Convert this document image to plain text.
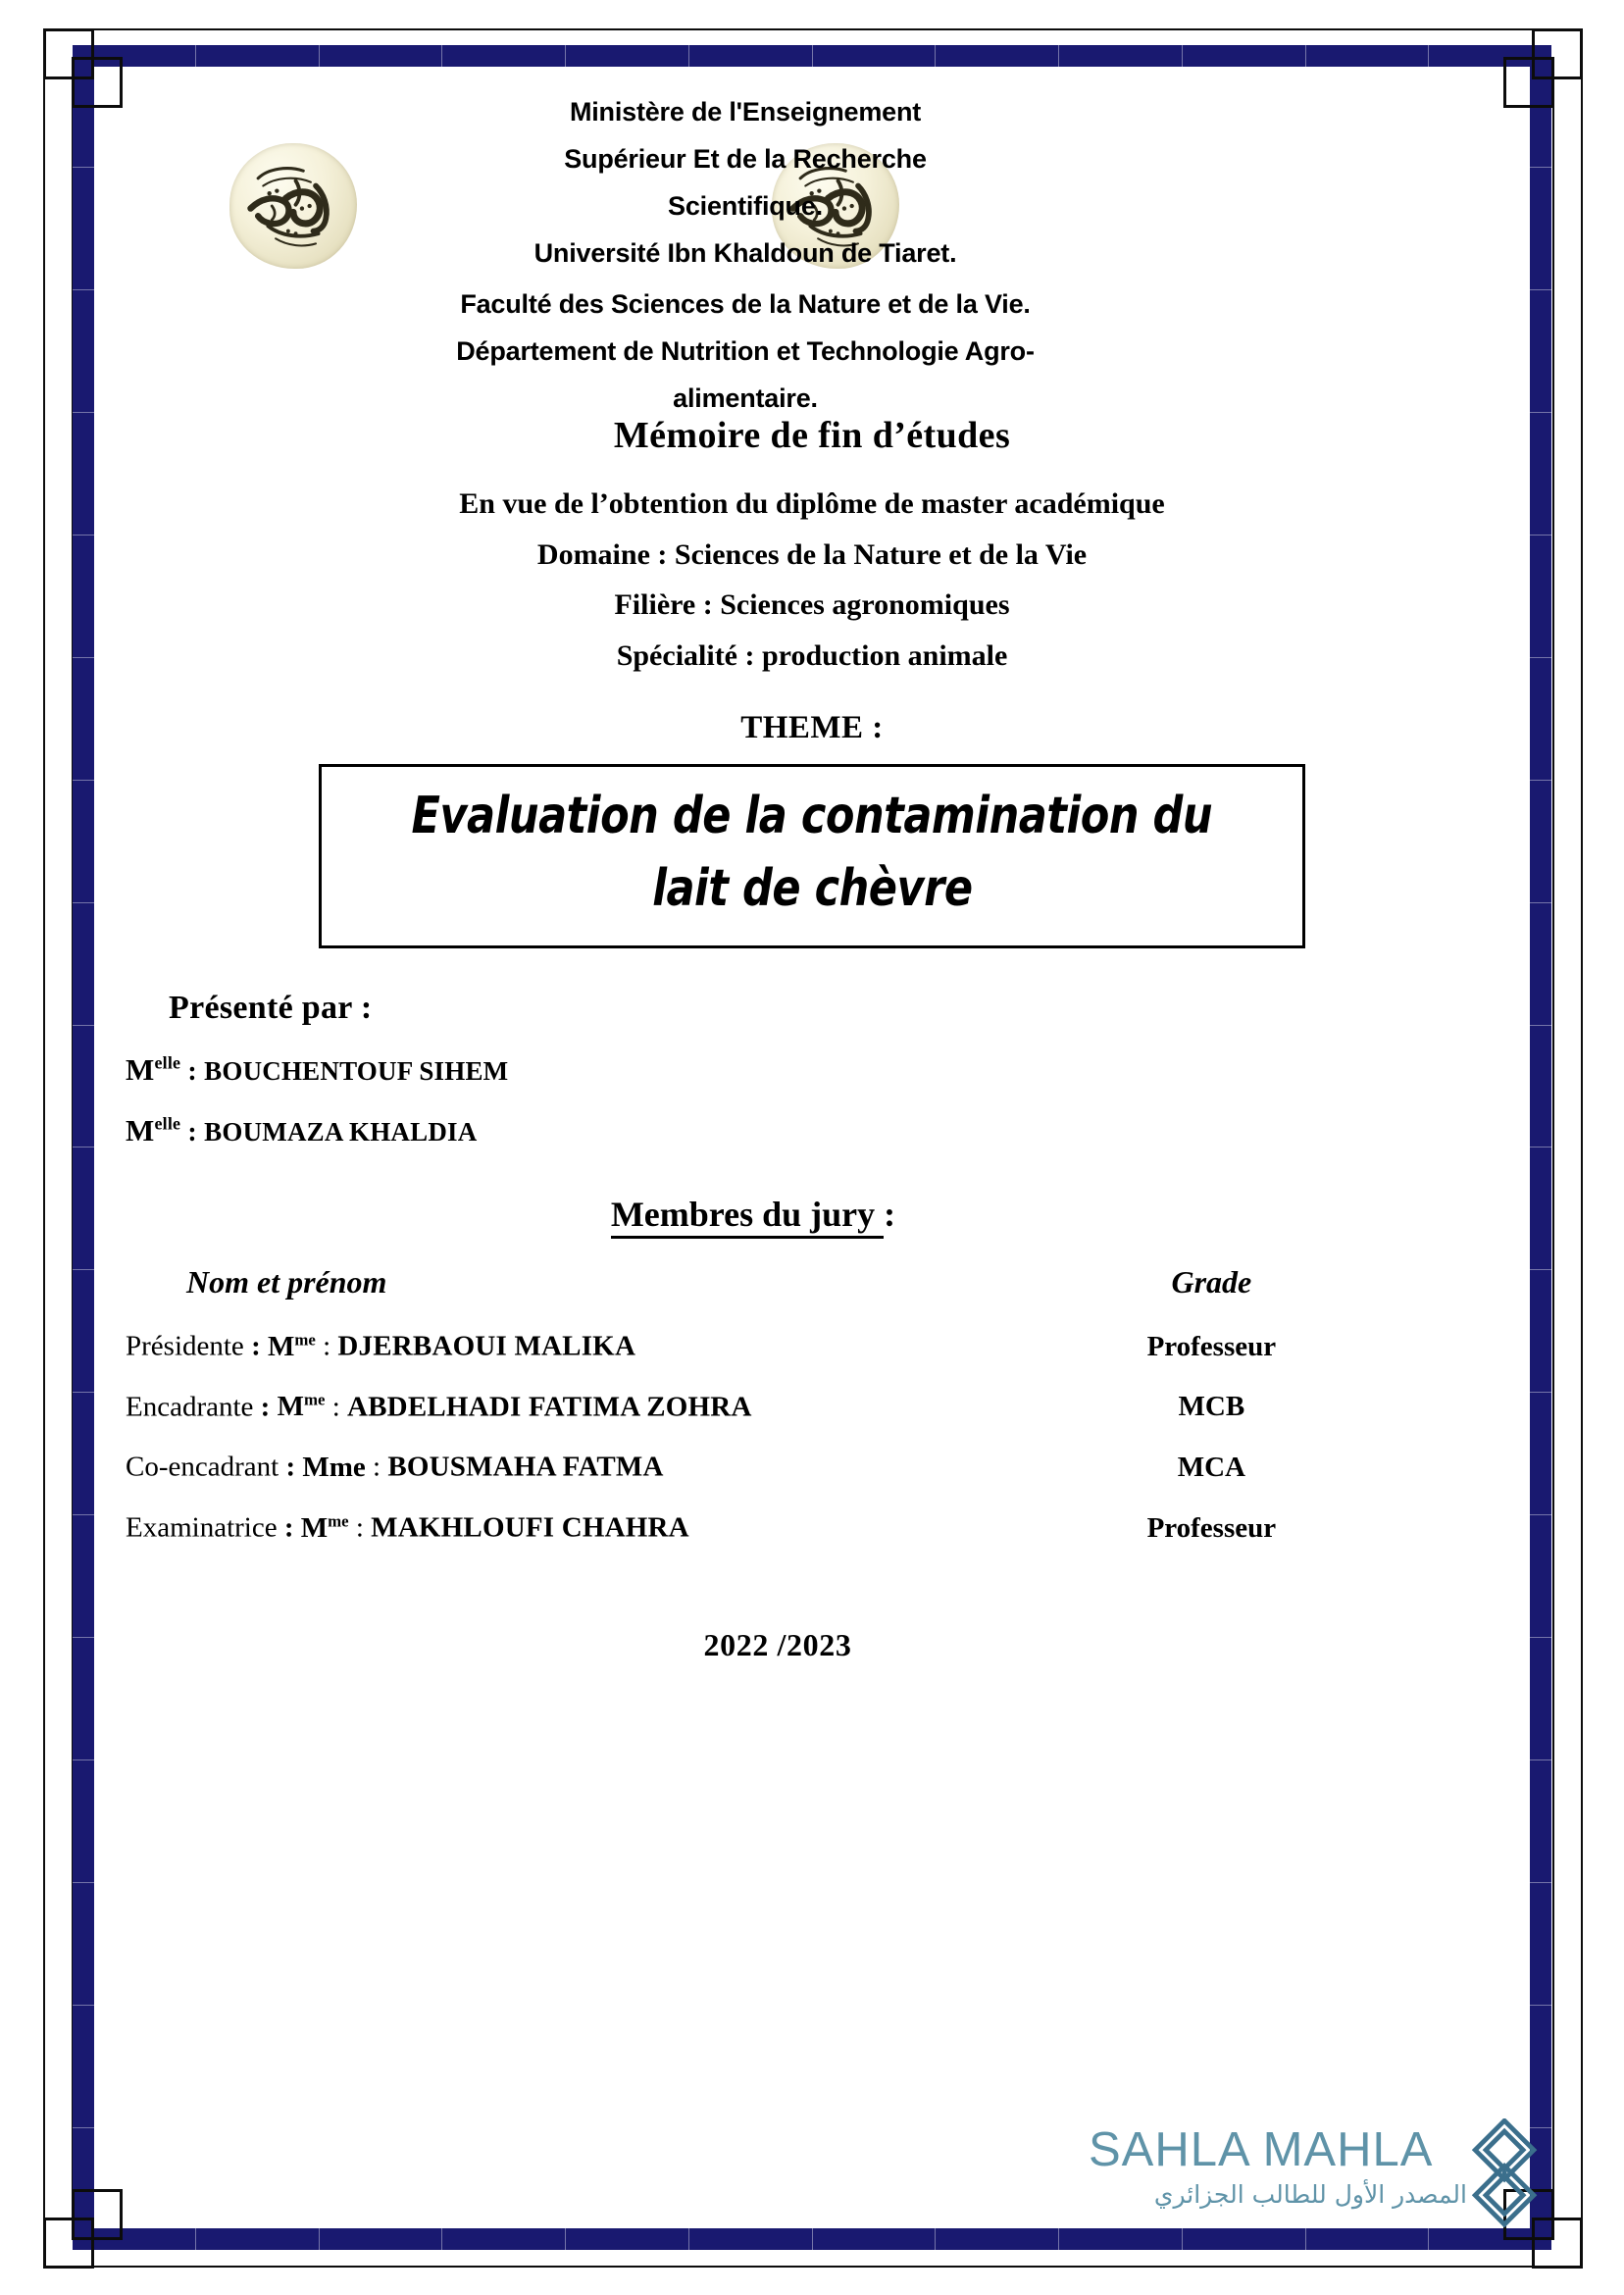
Ministère de l'Enseignement
Supérieur Et de la Recherche
Scientifique.
Université Ibn Khaldoun de Tiaret.
Faculté des Sciences de la Nature et de la Vie.
Département de Nutrition et Technologie Agro-
alimentaire.
Mémoire de fin d’études
En vue de l’obtention du diplôme de master académique
Domaine : Sciences de la Nature et de la Vie
Filière : Sciences agronomiques
Spécialité : production animale
THEME :
Evaluation de la contamination du
lait de chèvre
Présenté par :
$M^{elle}$ : BOUCHENTOUF SIHEM
$M^{elle}$ : BOUMAZA KHALDIA
Membres du jury :
Nom et prénom	Grade
Présidente : $M^{me}$ : DJERBAOUI MALIKA	Professeur
Encadrante : $M^{me}$ : ABDELHADI FATIMA ZOHRA	MCB
Co-encadrant : Mme : BOUSMAHA FATMA	MCA
Examinatrice : $M^{me}$ : MAKHLOUFI CHAHRA	Professeur
2022 /2023
SAHLA MAHLA
المصدر الأول للطالب الجزائري
